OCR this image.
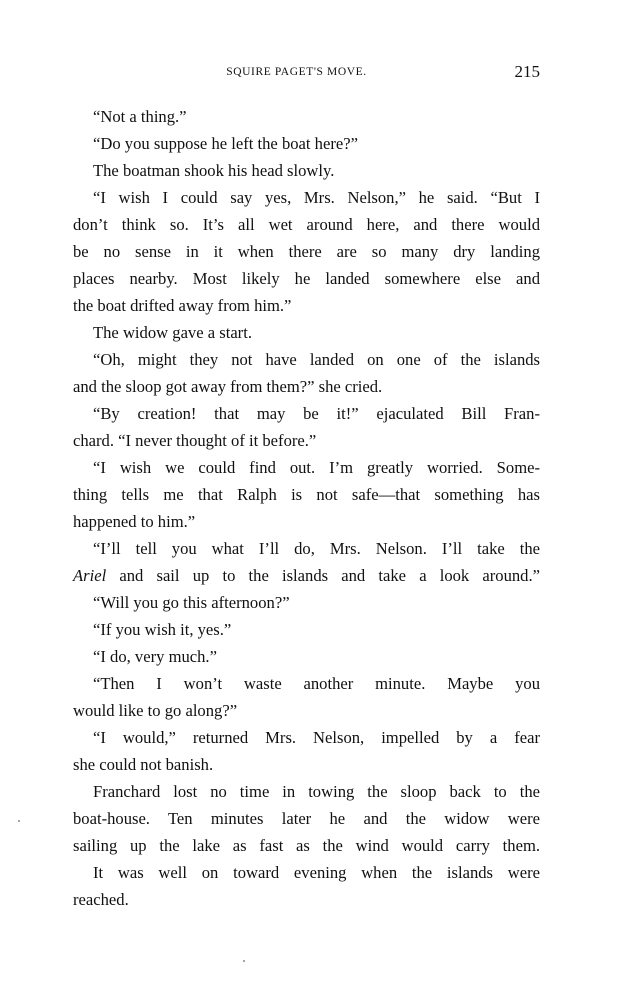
SQUIRE PAGET'S MOVE.	215
“Not a thing.”
“Do you suppose he left the boat here?”
The boatman shook his head slowly.
“I wish I could say yes, Mrs. Nelson,” he said. “But I
don’t think so. It’s all wet around here, and there would
be no sense in it when there are so many dry landing
places nearby. Most likely he landed somewhere else and
the boat drifted away from him.”
The widow gave a start.
“Oh, might they not have landed on one of the islands
and the sloop got away from them?” she cried.
“By creation! that may be it!” ejaculated Bill Fran-
chard. “I never thought of it before.”
“I wish we could find out. I’m greatly worried. Some-
thing tells me that Ralph is not safe—that something has
happened to him.”
“I’ll tell you what I’ll do, Mrs. Nelson. I’ll take the
Ariel and sail up to the islands and take a look around.”
“Will you go this afternoon?”
“If you wish it, yes.”
“I do, very much.”
“Then I won’t waste another minute. Maybe you
would like to go along?”
“I would,” returned Mrs. Nelson, impelled by a fear
she could not banish.
Franchard lost no time in towing the sloop back to the
boat-house. Ten minutes later he and the widow were
sailing up the lake as fast as the wind would carry them.
It was well on toward evening when the islands were
reached.
